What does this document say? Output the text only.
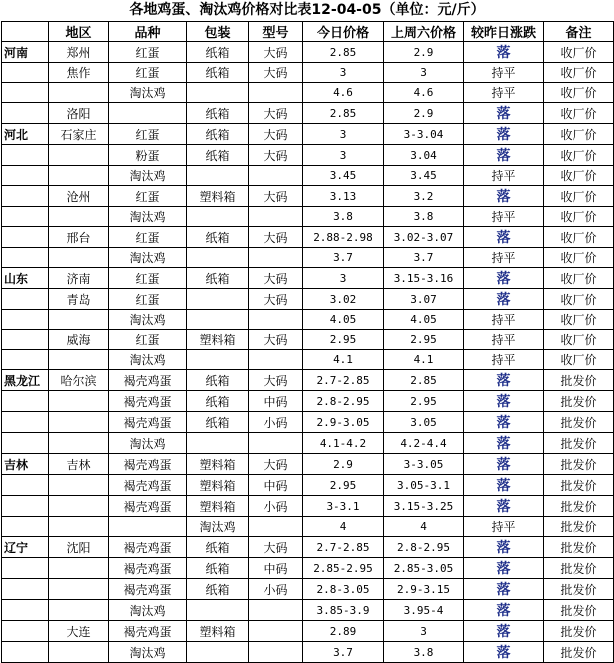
各地鸡蛋、淘汰鸡价格对比表12-04-05（单位：元/斤）
	地区	品种	包装	型号	今日价格	上周六价格	较昨日涨跌	备注
河南	郑州	红蛋	纸箱	大码	2.85	2.9	落	收厂价
	焦作	红蛋	纸箱	大码	3	3	持平	收厂价
		淘汰鸡			4.6	4.6	持平	收厂价
	洛阳		纸箱	大码	2.85	2.9	落	收厂价
河北	石家庄	红蛋	纸箱	大码	3	3-3.04	落	收厂价
		粉蛋	纸箱	大码	3	3.04	落	收厂价
		淘汰鸡			3.45	3.45	持平	收厂价
	沧州	红蛋	塑料箱	大码	3.13	3.2	落	收厂价
		淘汰鸡			3.8	3.8	持平	收厂价
	邢台	红蛋	纸箱	大码	2.88-2.98	3.02-3.07	落	收厂价
		淘汰鸡			3.7	3.7	持平	收厂价
山东	济南	红蛋	纸箱	大码	3	3.15-3.16	落	收厂价
	青岛	红蛋		大码	3.02	3.07	落	收厂价
		淘汰鸡			4.05	4.05	持平	收厂价
	威海	红蛋	塑料箱	大码	2.95	2.95	持平	收厂价
		淘汰鸡			4.1	4.1	持平	收厂价
黑龙江	哈尔滨	褐壳鸡蛋	纸箱	大码	2.7-2.85	2.85	落	批发价
		褐壳鸡蛋	纸箱	中码	2.8-2.95	2.95	落	批发价
		褐壳鸡蛋	纸箱	小码	2.9-3.05	3.05	落	批发价
		淘汰鸡			4.1-4.2	4.2-4.4	落	批发价
吉林	吉林	褐壳鸡蛋	塑料箱	大码	2.9	3-3.05	落	批发价
		褐壳鸡蛋	塑料箱	中码	2.95	3.05-3.1	落	批发价
		褐壳鸡蛋	塑料箱	小码	3-3.1	3.15-3.25	落	批发价
			淘汰鸡		4	4	持平	批发价
辽宁	沈阳	褐壳鸡蛋	纸箱	大码	2.7-2.85	2.8-2.95	落	批发价
		褐壳鸡蛋	纸箱	中码	2.85-2.95	2.85-3.05	落	批发价
		褐壳鸡蛋	纸箱	小码	2.8-3.05	2.9-3.15	落	批发价
		淘汰鸡			3.85-3.9	3.95-4	落	批发价
	大连	褐壳鸡蛋	塑料箱		2.89	3	落	批发价
		淘汰鸡			3.7	3.8	落	批发价
